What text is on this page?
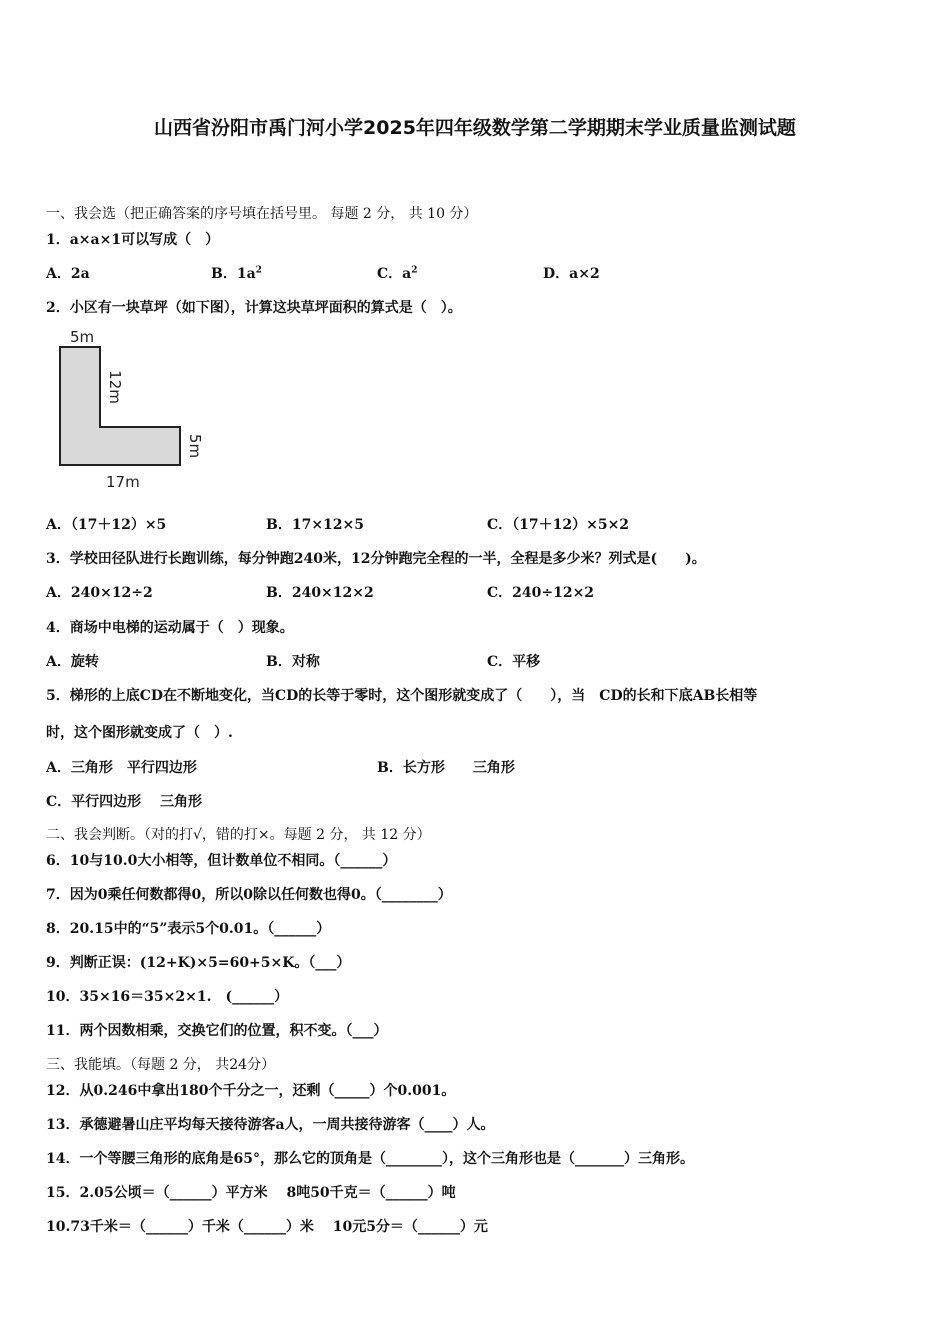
山西省汾阳市禹门河小学2025年四年级数学第二学期期末学业质量监测试题
一、我会选（把正确答案的序号填在括号里。 每题 2 分， 共 10 分）
1．a×a×1可以写成（　）
A．2a	B．$1a^2$	C．$a^2$	D．a×2
2．小区有一块草坪（如下图），计算这块草坪面积的算式是（　）。
5m
12m
5m
17m
A．（17＋12）×5	B．17×12×5	C．（17＋12）×5×2
3．学校田径队进行长跑训练，每分钟跑240米，12分钟跑完全程的一半，全程是多少米？列式是(　　)。
A．240×12÷2	B．240×12×2	C．240÷12×2
4．商场中电梯的运动属于（　）现象。
A．旋转	B．对称	C．平移
5．梯形的上底CD在不断地变化，当CD的长等于零时，这个图形就变成了（　　），当　CD的长和下底AB长相等
时，这个图形就变成了（　）.
A．三角形　平行四边形	B．长方形　　三角形
C．平行四边形　 三角形
二、我会判断。（对的打√，错的打×。每题 2 分， 共 12 分）
6．10与10.0大小相等，但计数单位不相同。（______）
7．因为0乘任何数都得0，所以0除以任何数也得0。（________）
8．20.15中的“5”表示5个0.01。（______）
9．判断正误：(12+K)×5=60+5×K。（___）
10．35×16＝35×2×1.　(______）
11．两个因数相乘，交换它们的位置，积不变。（___）
三、我能填。（每题 2 分， 共24分）
12．从0.246中拿出180个千分之一，还剩（_____）个0.001。
13．承德避暑山庄平均每天接待游客a人，一周共接待游客（____）人。
14．一个等腰三角形的底角是65°，那么它的顶角是（________），这个三角形也是（_______）三角形。
15．2.05公顷＝（______）平方米　 8吨50千克＝（______）吨
10.73千米＝（______）千米（______）米　 10元5分＝（______）元
